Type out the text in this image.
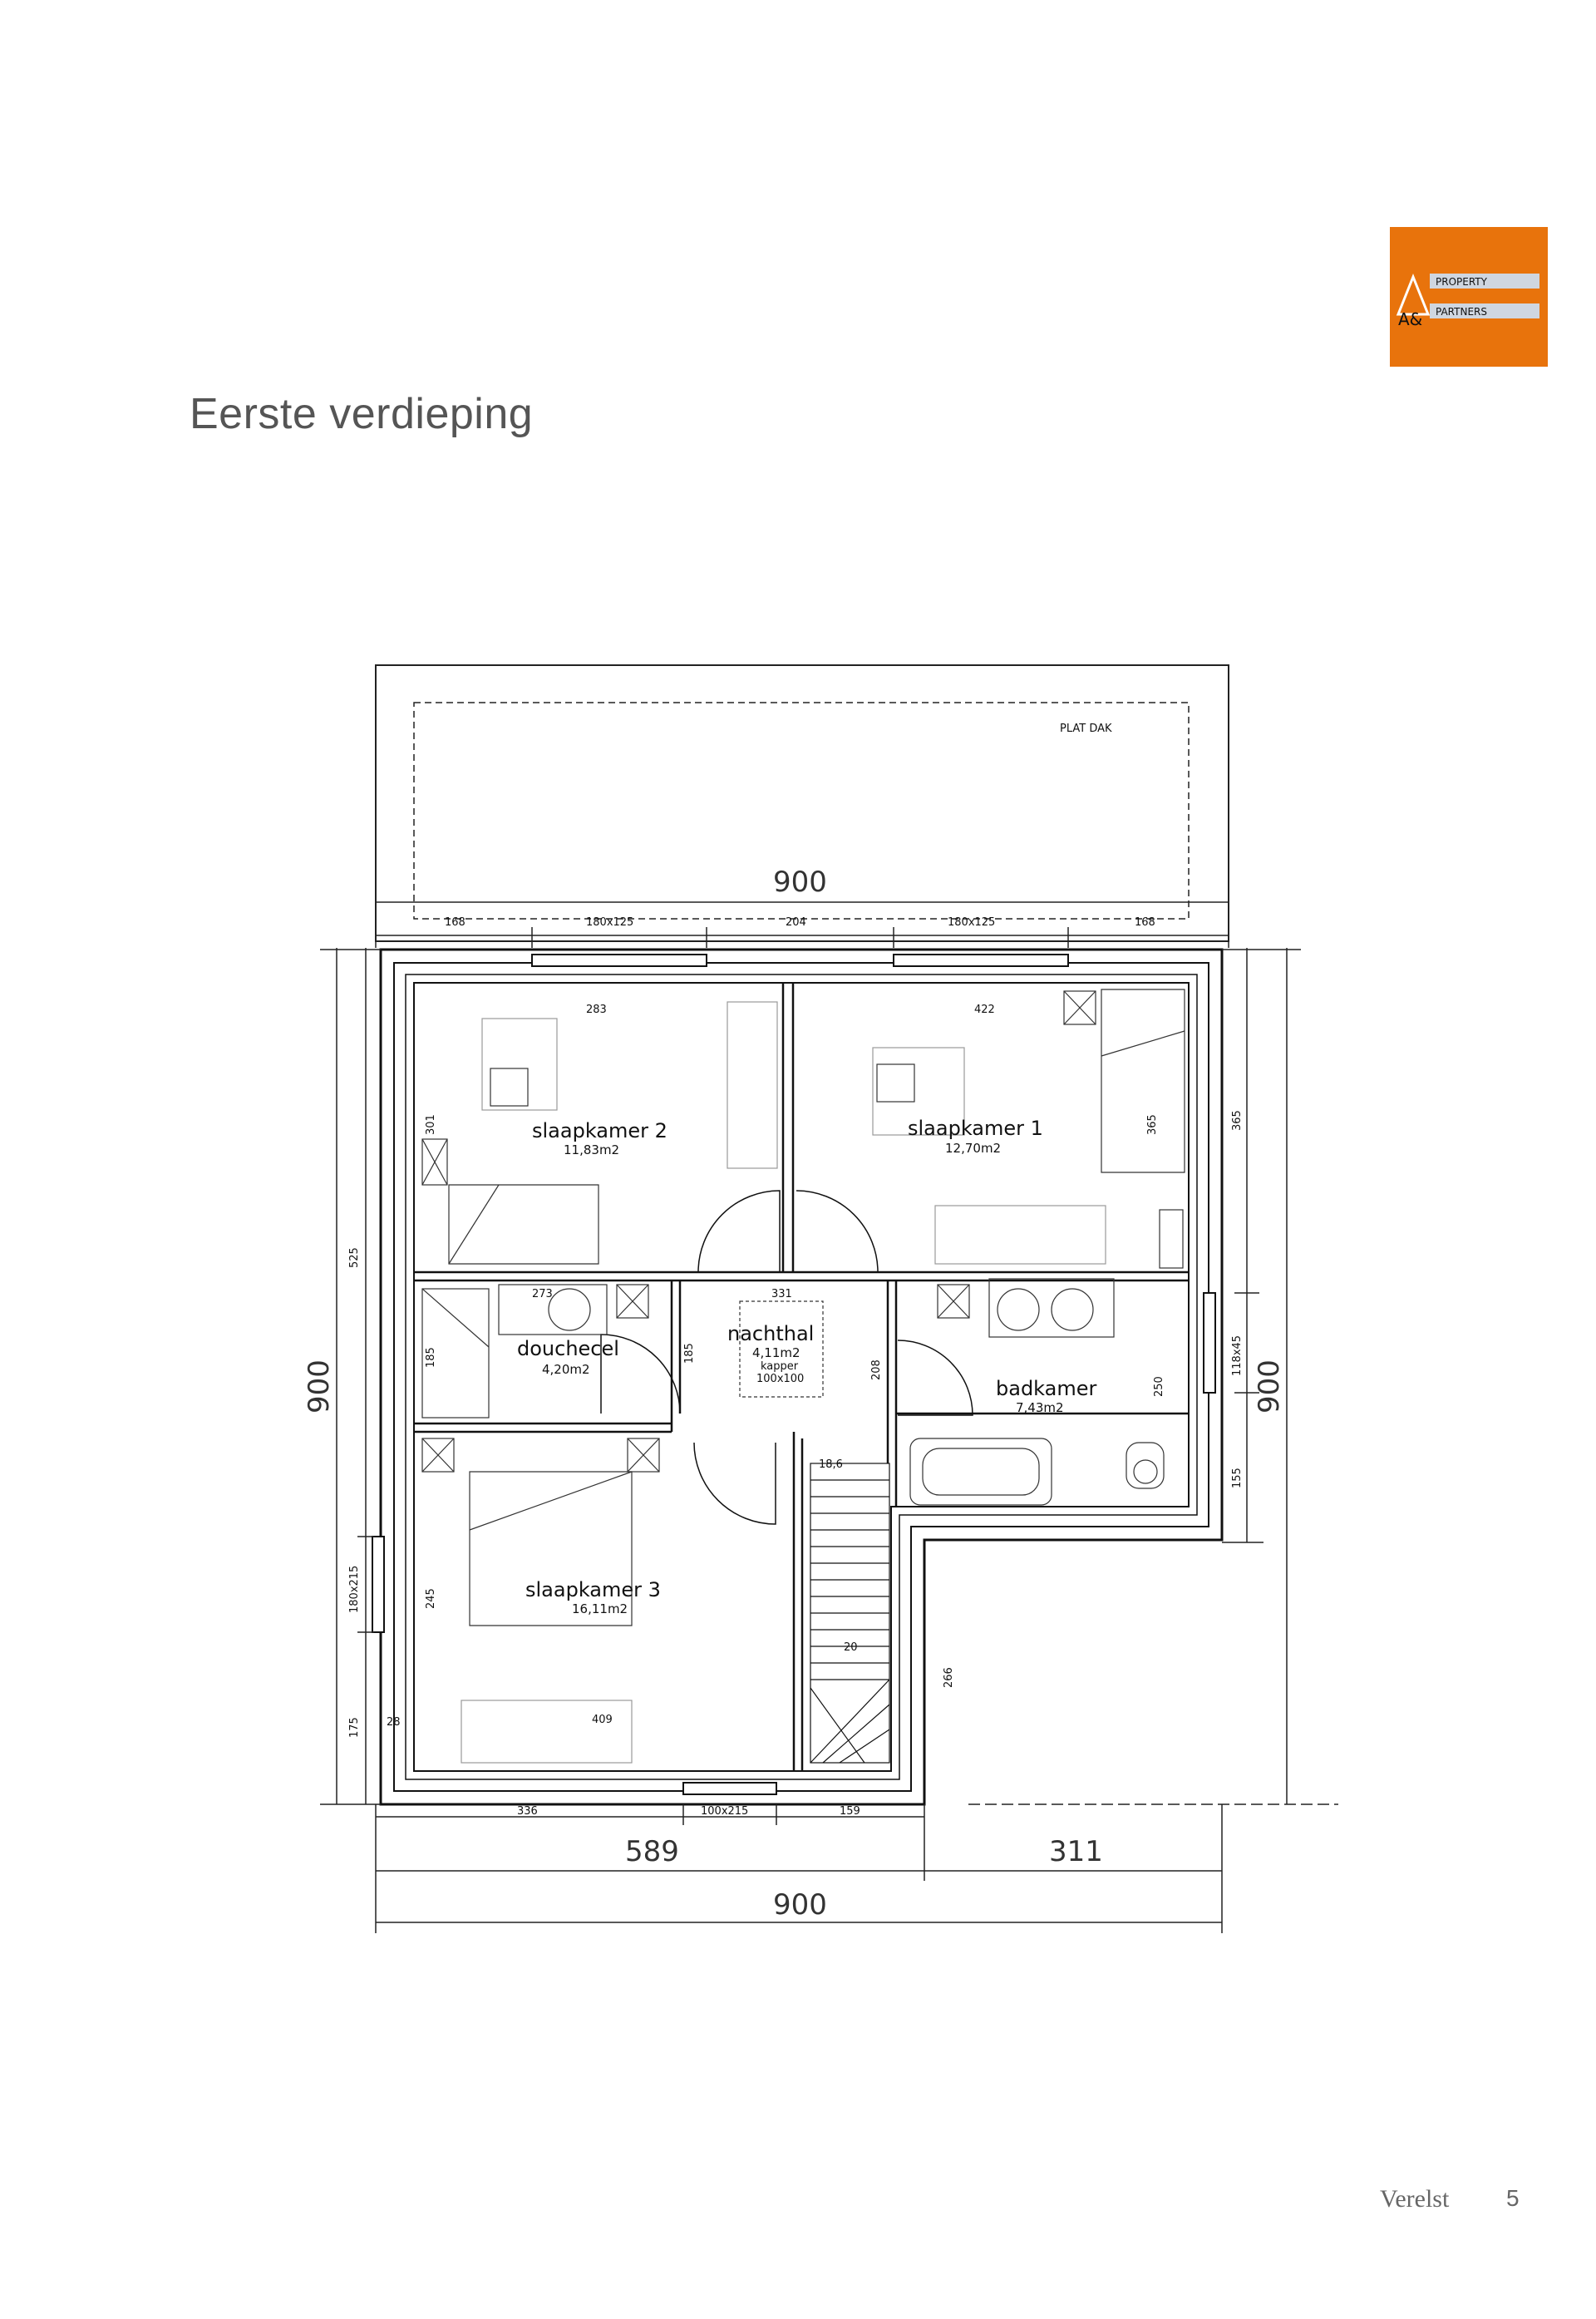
A&
PROPERTY
PARTNERS
Eerste verdieping
PLAT DAK
900
168	180x125	204	180x125	168
slaapkamer 2
11,83m2
slaapkamer 1
12,70m2
douchecel
4,20m2
nachthal
4,11m2
kapper
100x100	badkamer
7,43m2
slaapkamer 3
16,11m2
283	422
273	331
18,6
20
409
28
301	365
185	185
208
250
245
266
900
525
180x215
175
900
365
118x45
155
336	100x215	159
589	311
900
Verelst 5
